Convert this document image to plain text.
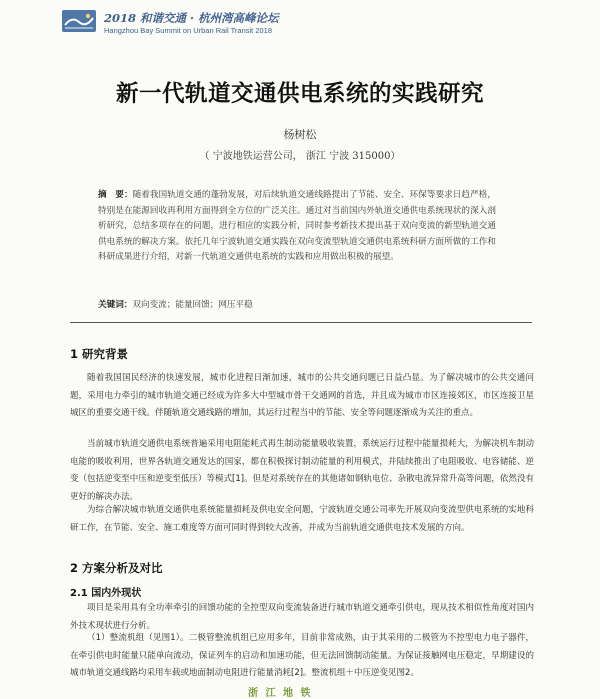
2018 和谐交通 · 杭州湾高峰论坛
Hangzhou Bay Summit on Urban Rail Transit 2018
新一代轨道交通供电系统的实践研究
杨树松
（ 宁波地铁运营公司， 浙江 宁波 315000）
摘　要：随着我国轨道交通的蓬勃发展，对后续轨道交通线路提出了节能、安全、环保等要求日趋严格，特别是在能源回收再利用方面得到全方位的广泛关注。通过对当前国内外轨道交通供电系统现状的深入剖析研究，总结多项存在的问题，进行相应的实践分析，同时参考新技术提出基于双向变流的新型轨道交通供电系统的解决方案。依托几年宁波轨道交通实践在双向变流型轨道交通供电系统科研方面所做的工作和科研成果进行介绍，对新一代轨道交通供电系统的实践和应用做出积极的展望。
关键词：双向变流；能量回馈；网压平稳
1 研究背景
随着我国国民经济的快速发展，城市化进程日渐加速，城市的公共交通问题已日益凸显。为了解决城市的公共交通问题，采用电力牵引的城市轨道交通已经成为许多大中型城市骨干交通网的首选，并且成为城市市区连接郊区，市区连接卫星城区的重要交通干线。伴随轨道交通线路的增加，其运行过程当中的节能、安全等问题逐渐成为关注的重点。
当前城市轨道交通供电系统普遍采用电阻能耗式再生制动能量吸收装置，系统运行过程中能量损耗大，为解决机车制动电能的吸收利用，世界各轨道交通发达的国家，都在积极探讨制动能量的利用模式，并陆续推出了电阻吸收、电容储能、逆变（包括逆变至中压和逆变至低压）等模式[1]。但是对系统存在的其他诸如钢轨电位、杂散电流异常升高等问题，依然没有更好的解决办法。
为综合解决城市轨道交通供电系统能量损耗及供电安全问题，宁波轨道交通公司率先开展双向变流型供电系统的实地科研工作，在节能、安全、施工难度等方面可同时得到较大改善，并成为当前轨道交通供电技术发展的方向。
2 方案分析及对比
2.1 国内外现状
项目是采用具有全功率牵引的回馈功能的全控型双向变流装备进行城市轨道交通牵引供电，现从技术相似性角度对国内外技术现状进行分析。
（1）整流机组（见图1）。二极管整流机组已应用多年，目前非常成熟，由于其采用的二极管为不控型电力电子器件，在牵引供电时能量只能单向流动，保证列车的启动和加速功能，但无法回馈制动能量。为保证接触网电压稳定，早期建设的城市轨道交通线路均采用车载或地面制动电阻进行能量消耗[2]。整流机组＋中压逆变见图2。
浙 江 地 铁
